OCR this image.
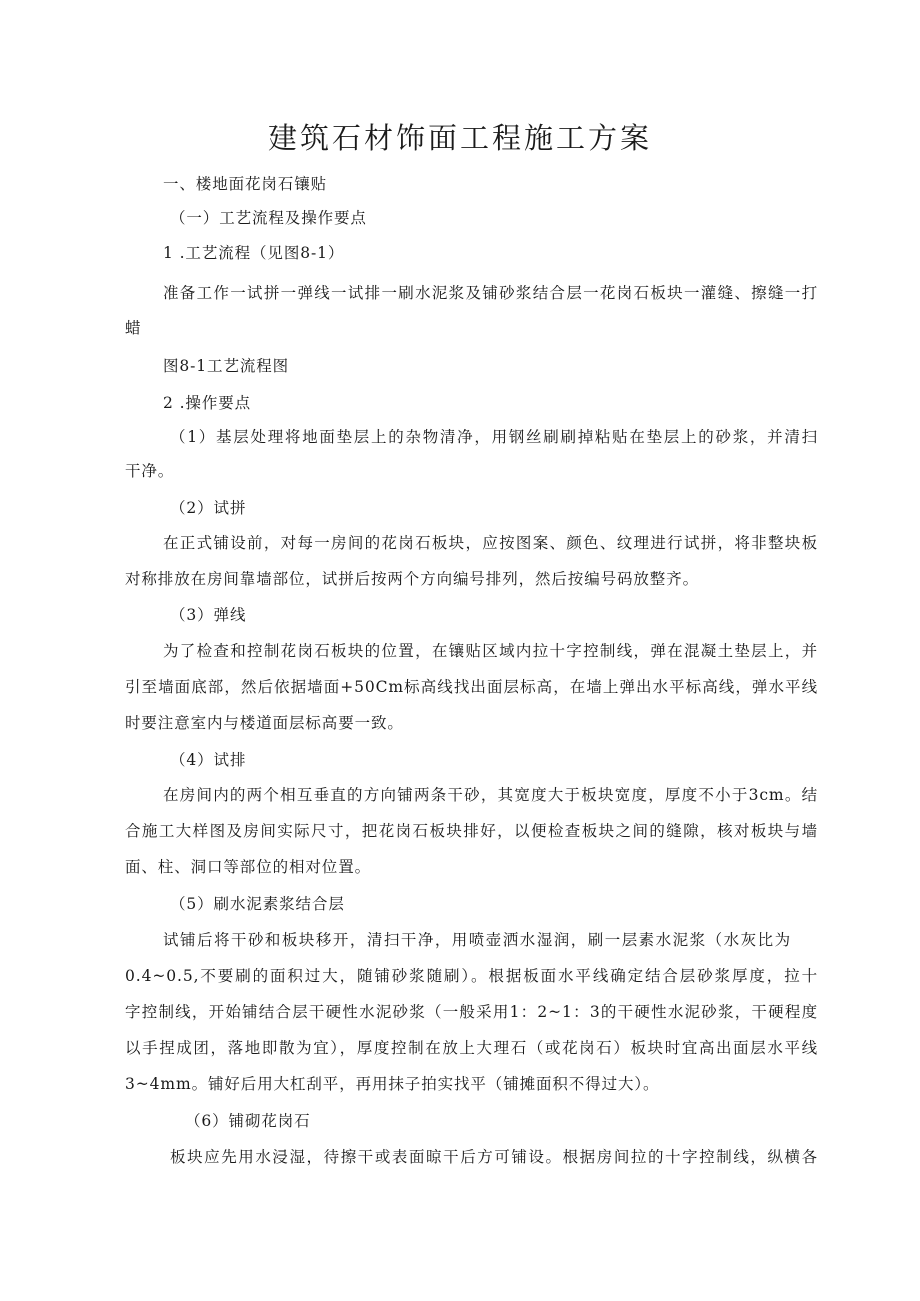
建筑石材饰面工程施工方案

一、楼地面花岗石镶贴

（一）工艺流程及操作要点

1 .工艺流程（见图8-1）

准备工作一试拼一弹线一试排一刷水泥浆及铺砂浆结合层一花岗石板块一灌缝、擦缝一打

蜡

图8-1工艺流程图

2 .操作要点

（1）基层处理将地面垫层上的杂物清净，用钢丝刷刷掉粘贴在垫层上的砂浆，并清扫

干净。

（2）试拼

在正式铺设前，对每一房间的花岗石板块，应按图案、颜色、纹理进行试拼，将非整块板

对称排放在房间靠墙部位，试拼后按两个方向编号排列，然后按编号码放整齐。

（3）弹线

为了检查和控制花岗石板块的位置，在镶贴区域内拉十字控制线，弹在混凝土垫层上，并

引至墙面底部，然后依据墙面+50Cm标高线找出面层标高，在墙上弹出水平标高线，弹水平线

时要注意室内与楼道面层标高要一致。

（4）试排

在房间内的两个相互垂直的方向铺两条干砂，其宽度大于板块宽度，厚度不小于3cm。结

合施工大样图及房间实际尺寸，把花岗石板块排好，以便检查板块之间的缝隙，核对板块与墙

面、柱、洞口等部位的相对位置。

（5）刷水泥素浆结合层

试铺后将干砂和板块移开，清扫干净，用喷壶洒水湿润，刷一层素水泥浆（水灰比为

0.4~0.5,不要刷的面积过大，随铺砂浆随刷）。根据板面水平线确定结合层砂浆厚度，拉十

字控制线，开始铺结合层干硬性水泥砂浆（一般采用1：2~1：3的干硬性水泥砂浆，干硬程度

以手捏成团，落地即散为宜），厚度控制在放上大理石（或花岗石）板块时宜高出面层水平线

3~4mm。铺好后用大杠刮平，再用抹子拍实找平（铺摊面积不得过大）。

（6）铺砌花岗石

板块应先用水浸湿，待擦干或表面晾干后方可铺设。根据房间拉的十字控制线，纵横各
